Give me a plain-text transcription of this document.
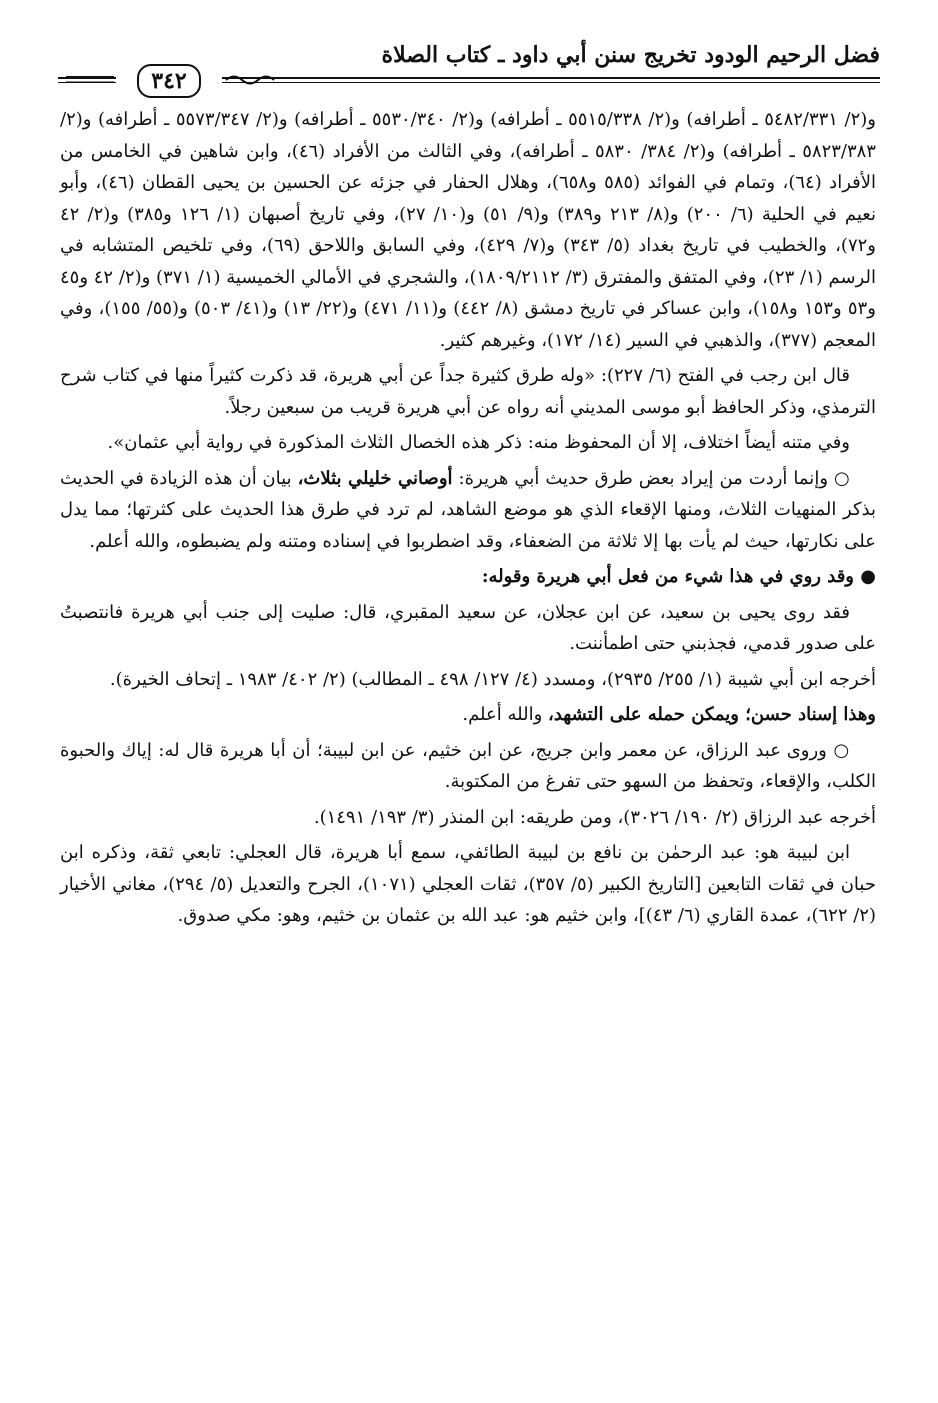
فضل الرحيم الودود تخريج سنن أبي داود ـ كتاب الصلاة
٣٤٢

و(٢/ ٥٤٨٢/٣٣١ ـ أطرافه) و(٢/ ٥٥١٥/٣٣٨ ـ أطرافه) و(٢/ ٥٥٣٠/٣٤٠ ـ أطرافه) و(٢/ ٥٥٧٣/٣٤٧ ـ أطرافه) و(٢/ ٥٨٢٣/٣٨٣ ـ أطرافه) و(٢/ ٣٨٤/ ٥٨٣٠ ـ أطرافه)، وفي الثالث من الأفراد (٤٦)، وابن شاهين في الخامس من الأفراد (٦٤)، وتمام في الفوائد (٥٨٥ و٦٥٨)، وهلال الحفار في جزئه عن الحسين بن يحيى القطان (٤٦)، وأبو نعيم في الحلية (٦/ ٢٠٠) و(٨/ ٢١٣ و٣٨٩) و(٩/ ٥١) و(١٠/ ٢٧)، وفي تاريخ أصبهان (١/ ١٢٦ و٣٨٥) و(٢/ ٤٢ و٧٢)، والخطيب في تاريخ بغداد (٥/ ٣٤٣) و(٧/ ٤٢٩)، وفي السابق واللاحق (٦٩)، وفي تلخيص المتشابه في الرسم (١/ ٢٣)، وفي المتفق والمفترق (٣/ ١٨٠٩/٢١١٢)، والشجري في الأمالي الخميسية (١/ ٣٧١) و(٢/ ٤٢ و٤٥ و٥٣ و١٥٣ و١٥٨)، وابن عساكر في تاريخ دمشق (٨/ ٤٤٢) و(١١/ ٤٧١) و(٢٢/ ١٣) و(٤١/ ٥٠٣) و(٥٥/ ١٥٥)، وفي المعجم (٣٧٧)، والذهبي في السير (١٤/ ١٧٢)، وغيرهم كثير.

قال ابن رجب في الفتح (٦/ ٢٢٧): «وله طرق كثيرة جداً عن أبي هريرة، قد ذكرت كثيراً منها في كتاب شرح الترمذي، وذكر الحافظ أبو موسى المديني أنه رواه عن أبي هريرة قريب من سبعين رجلاً.

وفي متنه أيضاً اختلاف، إلا أن المحفوظ منه: ذكر هذه الخصال الثلاث المذكورة في رواية أبي عثمان».

○ وإنما أردت من إيراد بعض طرق حديث أبي هريرة: أوصاني خليلي بثلاث، بيان أن هذه الزيادة في الحديث بذكر المنهيات الثلاث، ومنها الإقعاء الذي هو موضع الشاهد، لم ترد في طرق هذا الحديث على كثرتها؛ مما يدل على نكارتها، حيث لم يأت بها إلا ثلاثة من الضعفاء، وقد اضطربوا في إسناده ومتنه ولم يضبطوه، والله أعلم.

● وقد روي في هذا شيء من فعل أبي هريرة وقوله:

فقد روى يحيى بن سعيد، عن ابن عجلان، عن سعيد المقبري، قال: صليت إلى جنب أبي هريرة فانتصبتُ على صدور قدمي، فجذبني حتى اطمأننت.

أخرجه ابن أبي شيبة (١/ ٢٥٥/ ٢٩٣٥)، ومسدد (٤/ ١٢٧/ ٤٩٨ ـ المطالب) (٢/ ٤٠٢/ ١٩٨٣ ـ إتحاف الخيرة).

وهذا إسناد حسن؛ ويمكن حمله على التشهد، والله أعلم.

○ وروى عبد الرزاق، عن معمر وابن جريج، عن ابن خثيم، عن ابن لبيبة؛ أن أبا هريرة قال له: إياك والحبوة الكلب، والإقعاء، وتحفظ من السهو حتى تفرغ من المكتوبة.

أخرجه عبد الرزاق (٢/ ١٩٠/ ٣٠٢٦)، ومن طريقه: ابن المنذر (٣/ ١٩٣/ ١٤٩١).

ابن لبيبة هو: عبد الرحمٰن بن نافع بن لبيبة الطائفي، سمع أبا هريرة، قال العجلي: تابعي ثقة، وذكره ابن حبان في ثقات التابعين [التاريخ الكبير (٥/ ٣٥٧)، ثقات العجلي (١٠٧١)، الجرح والتعديل (٥/ ٢٩٤)، مغاني الأخيار (٢/ ٦٢٢)، عمدة القاري (٦/ ٤٣)]، وابن خثيم هو: عبد الله بن عثمان بن خثيم، وهو: مكي صدوق.
